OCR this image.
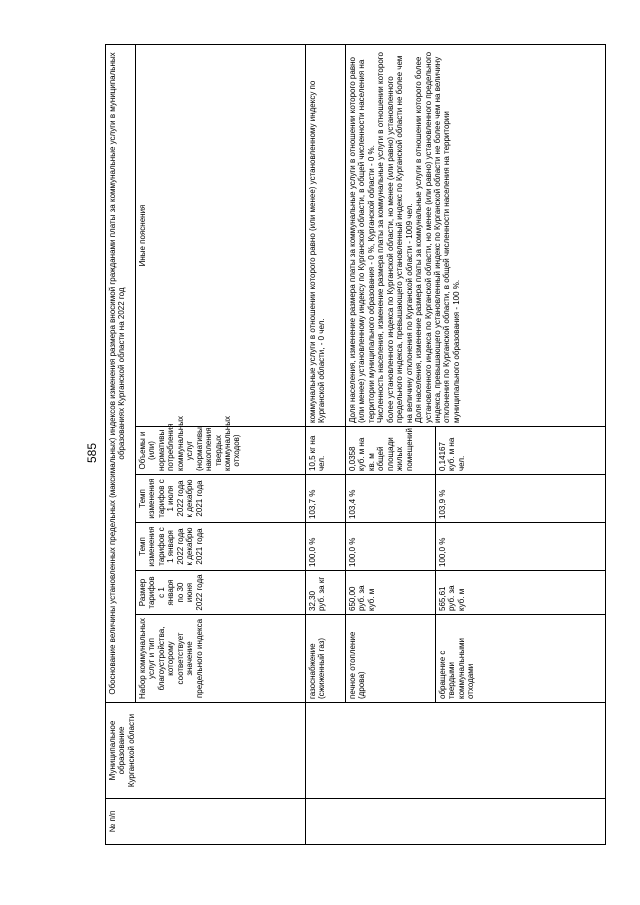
585
№ п/п	Муниципальное образование Курганской области	Обоснование величины установленных предельных (максимальных) индексов изменения размера вносимой гражданами платы за коммунальные услуги в муниципальных образованиях Курганской области на 2022 год					
		Набор коммунальных услуг и тип благоустройства, которому соответствует значение предельного индекса	Размер тарифов с 1 января по 30 июня 2022 года	Темп изменения тарифов с 1 января 2022 года к декабрю 2021 года	Темп изменения тарифов с 1 июля 2022 года к декабрю 2021 года	Объемы и (или) нормативы потребления коммунальных услуг (нормативы накопления твердых коммунальных отходов)	Иные пояснения
		газоснабжение (сжиженный газ)	32,30 руб. за кг	100,0 %	103,7 %	10,5 кг на чел.	коммунальные услуги в отношении которого равно (или менее) установленному индексу по Курганской области, - 0 чел.
		печное отопление (дрова)	650,00 руб. за куб. м	100,0 %	103,4 %	0,0358 куб. м на кв. м общей площади жилых помещений	Доля населения, изменение размера платы за коммунальные услуги в отношении которого равно (или менее) установленному индексу по Курганской области, в общей численности населения на территории муниципального образования - 0 %, Курганской области - 0 %. Численность населения, изменение размера платы за коммунальные услуги в отношении которого более установленного индекса по Курганской области, но менее (или равно) установленного предельного индекса, превышающего установленный индекс по Курганской области не более чем на величину отклонения по Курганской области - 1009 чел. Доля населения, изменение размера платы за коммунальные услуги в отношении которого более установленного индекса по Курганской области, но менее (или равно) установленного предельного индекса, превышающего установленный индекс по Курганской области не более чем на величину отклонения по Курганской области, в общей численности населения на территории муниципального образования - 100 %.

		обращение с твердыми коммунальными отходами	565,61 руб. за куб. м	100,0 %	103,9 %	0,14167 куб. м на чел.	
